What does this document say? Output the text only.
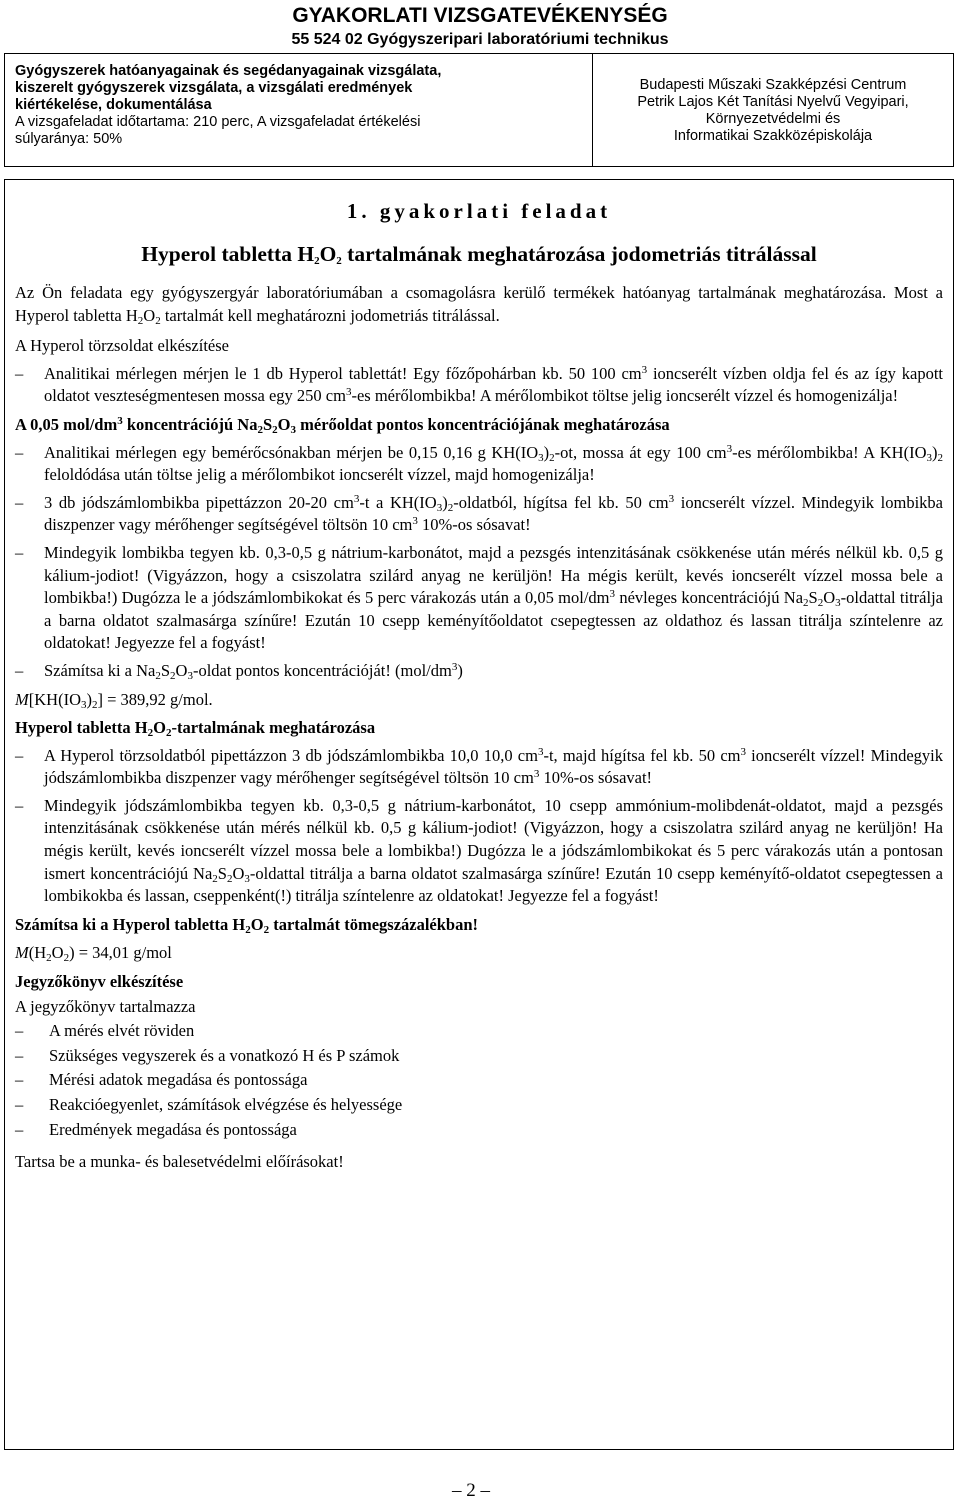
GYAKORLATI VIZSGATEVÉKENYSÉG
55 524 02 Gyógyszeripari laboratóriumi technikus
Gyógyszerek hatóanyagainak és segédanyagainak vizsgálata,
kiszerelt gyógyszerek vizsgálata, a vizsgálati eredmények
kiértékelése, dokumentálása
A vizsgafeladat időtartama: 210 perc, A vizsgafeladat értékelési
súlyaránya: 50%
Budapesti Műszaki Szakképzési Centrum
Petrik Lajos Két Tanítási Nyelvű Vegyipari,
Környezetvédelmi és
Informatikai Szakközépiskolája
1. gyakorlati feladat
Hyperol tabletta $H_2O_2$ tartalmának meghatározása jodometriás titrálással

Az Ön feladata egy gyógyszergyár laboratóriumában a csomagolásra kerülő termékek hatóanyag tartalmának meghatározása. Most a Hyperol tabletta $H_2O_2$ tartalmát kell meghatározni jodometriás titrálással.

A Hyperol törzsoldat elkészítése
– Analitikai mérlegen mérjen le 1 db Hyperol tablettát! Egy főzőpohárban kb. 50 100 $cm^3$ ioncserélt vízben oldja fel és az így kapott oldatot veszteségmentesen mossa egy 250 $cm^3-es$ mérőlombikba! A mérőlombikot töltse jelig ioncserélt vízzel és homogenizálja!
A 0,05 mol/$dm^3$ koncentrációjú $Na_2S_2O_3$ mérőoldat pontos koncentrációjának meghatározása
– Analitikai mérlegen egy bemérőcsónakban mérjen be 0,15 0,16 g $KH(IO_3)_2-ot$, mossa át egy 100 $cm^3-es$ mérőlombikba! A $KH(IO_3)_2$ feloldódása után töltse jelig a mérőlombikot ioncserélt vízzel, majd homogenizálja!
– 3 db jódszámlombikba pipettázzon 20-20 $cm^3-t$ a $KH(IO_3)_2$-oldatból, hígítsa fel kb. 50 $cm^3$ ioncserélt vízzel. Mindegyik lombikba diszpenzer vagy mérőhenger segítségével töltsön 10 $cm^3$ 10%-os sósavat!
– Mindegyik lombikba tegyen kb. 0,3-0,5 g nátrium-karbonátot, majd a pezsgés intenzitásának csökkenése után mérés nélkül kb. 0,5 g kálium-jodiot! (Vigyázzon, hogy a csiszolatra szilárd anyag ne kerüljön! Ha mégis került, kevés ioncserélt vízzel mossa bele a lombikba!) Dugózza le a jódszámlombikokat és 5 perc várakozás után a 0,05 mol/$dm^3$ névleges koncentrációjú $Na_2S_2O_3$-oldattal titrálja a barna oldatot szalmasárga színűre! Ezután 10 csepp keményítőoldatot csepegtessen az oldathoz és lassan titrálja színtelenre az oldatokat! Jegyezze fel a fogyást!
– Számítsa ki a $Na_2S_2O_3$-oldat pontos koncentrációját! $(mol/dm^3)$
$M[KH(IO_3)_2] = 389,92$ g/mol.
Hyperol tabletta $H_2O_2$-tartalmának meghatározása
– A Hyperol törzsoldatból pipettázzon 3 db jódszámlombikba 10,0 10,0 $cm^3-t$, majd hígítsa fel kb. 50 $cm^3$ ioncserélt vízzel! Mindegyik jódszámlombikba diszpenzer vagy mérőhenger segítségével töltsön 10 $cm^3$ 10%-os sósavat!
– Mindegyik jódszámlombikba tegyen kb. 0,3-0,5 g nátrium-karbonátot, 10 csepp ammónium-molibdenát-oldatot, majd a pezsgés intenzitásának csökkenése után mérés nélkül kb. 0,5 g kálium-jodiot! (Vigyázzon, hogy a csiszolatra szilárd anyag ne kerüljön! Ha mégis került, kevés ioncserélt vízzel mossa bele a lombikba!) Dugózza le a jódszámlombikokat és 5 perc várakozás után a pontosan ismert koncentrációjú $Na_2S_2O_3$-oldattal titrálja a barna oldatot szalmasárga színűre! Ezután 10 csepp keményítő-oldatot csepegtessen a lombikokba és lassan, cseppenként(!) titrálja színtelenre az oldatokat! Jegyezze fel a fogyást!
Számítsa ki a Hyperol tabletta $H_2O_2$ tartalmát tömegszázalékban!
$M(H_2O_2) = 34,01$ g/mol
Jegyzőkönyv elkészítése
A jegyzőkönyv tartalmazza
– A mérés elvét röviden
– Szükséges vegyszerek és a vonatkozó H és P számok
– Mérési adatok megadása és pontossága
– Reakcióegyenlet, számítások elvégzése és helyessége
– Eredmények megadása és pontossága
Tartsa be a munka- és balesetvédelmi előírásokat!
– 2 –
